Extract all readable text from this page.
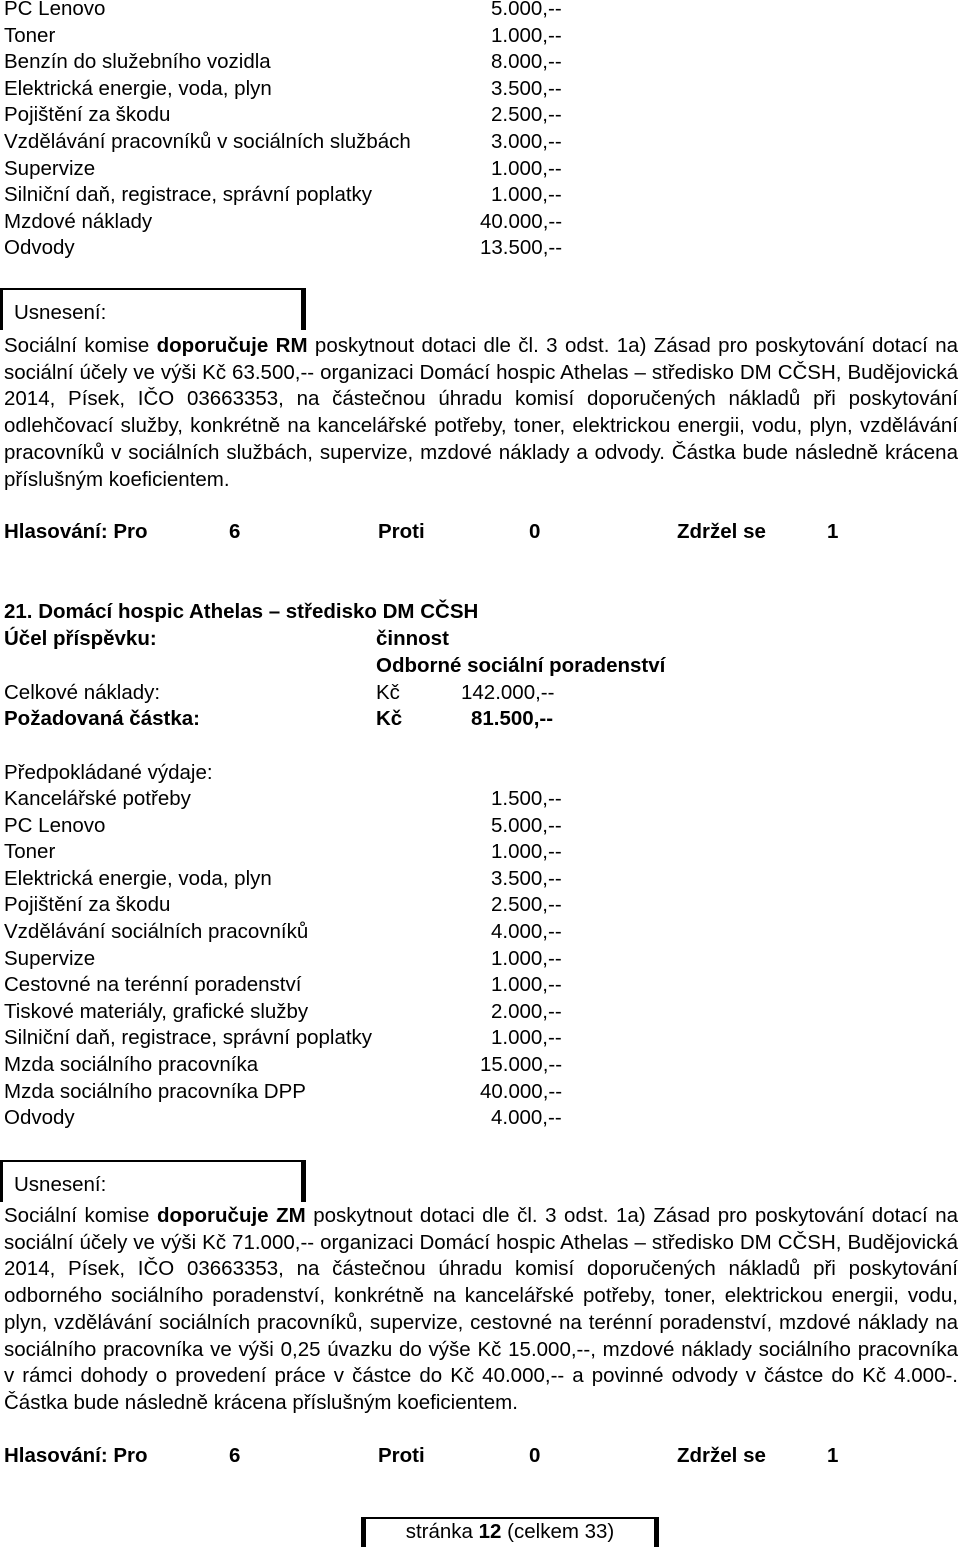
PC Lenovo	5.000,--
Toner	1.000,--
Benzín do služebního vozidla	8.000,--
Elektrická energie, voda, plyn	3.500,--
Pojištění za škodu	2.500,--
Vzdělávání pracovníků v sociálních službách	3.000,--
Supervize	1.000,--
Silniční daň, registrace, správní poplatky	1.000,--
Mzdové náklady	40.000,--
Odvody	13.500,--
Usnesení:

Sociální komise doporučuje RM poskytnout dotaci dle čl. 3 odst. 1a) Zásad pro poskytování dotací na sociální účely ve výši Kč 63.500,-- organizaci Domácí hospic Athelas – středisko DM CČSH, Budějovická 2014, Písek, IČO 03663353, na částečnou úhradu komisí doporučených nákladů při poskytování odlehčovací služby, konkrétně na kancelářské potřeby, toner, elektrickou energii, vodu, plyn, vzdělávání pracovníků v sociálních službách, supervize, mzdové náklady a odvody. Částka bude následně krácena příslušným koeficientem.

Hlasování: Pro	6	Proti	0	Zdržel se	1
21. Domácí hospic Athelas – středisko DM CČSH
Účel příspěvku:	činnost
Odborné sociální poradenství
Celkové náklady:	Kč	142.000,--
Požadovaná částka:	Kč	81.500,--
Předpokládané výdaje:
Kancelářské potřeby	1.500,--
PC Lenovo	5.000,--
Toner	1.000,--
Elektrická energie, voda, plyn	3.500,--
Pojištění za škodu	2.500,--
Vzdělávání sociálních pracovníků	4.000,--
Supervize	1.000,--
Cestovné na terénní poradenství	1.000,--
Tiskové materiály, grafické služby	2.000,--
Silniční daň, registrace, správní poplatky	1.000,--
Mzda sociálního pracovníka	15.000,--
Mzda sociálního pracovníka DPP	40.000,--
Odvody	4.000,--
Usnesení:

Sociální komise doporučuje ZM poskytnout dotaci dle čl. 3 odst. 1a) Zásad pro poskytování dotací na sociální účely ve výši Kč 71.000,-- organizaci Domácí hospic Athelas – středisko DM CČSH, Budějovická 2014, Písek, IČO 03663353, na částečnou úhradu komisí doporučených nákladů při poskytování odborného sociálního poradenství, konkrétně na kancelářské potřeby, toner, elektrickou energii, vodu, plyn, vzdělávání sociálních pracovníků, supervize, cestovné na terénní poradenství, mzdové náklady na sociálního pracovníka ve výši 0,25 úvazku do výše Kč 15.000,--, mzdové náklady sociálního pracovníka v rámci dohody o provedení práce v částce do Kč 40.000,-- a povinné odvody v částce do Kč 4.000-. Částka bude následně krácena příslušným koeficientem.

Hlasování: Pro	6	Proti	0	Zdržel se	1
stránka 12 (celkem 33)
